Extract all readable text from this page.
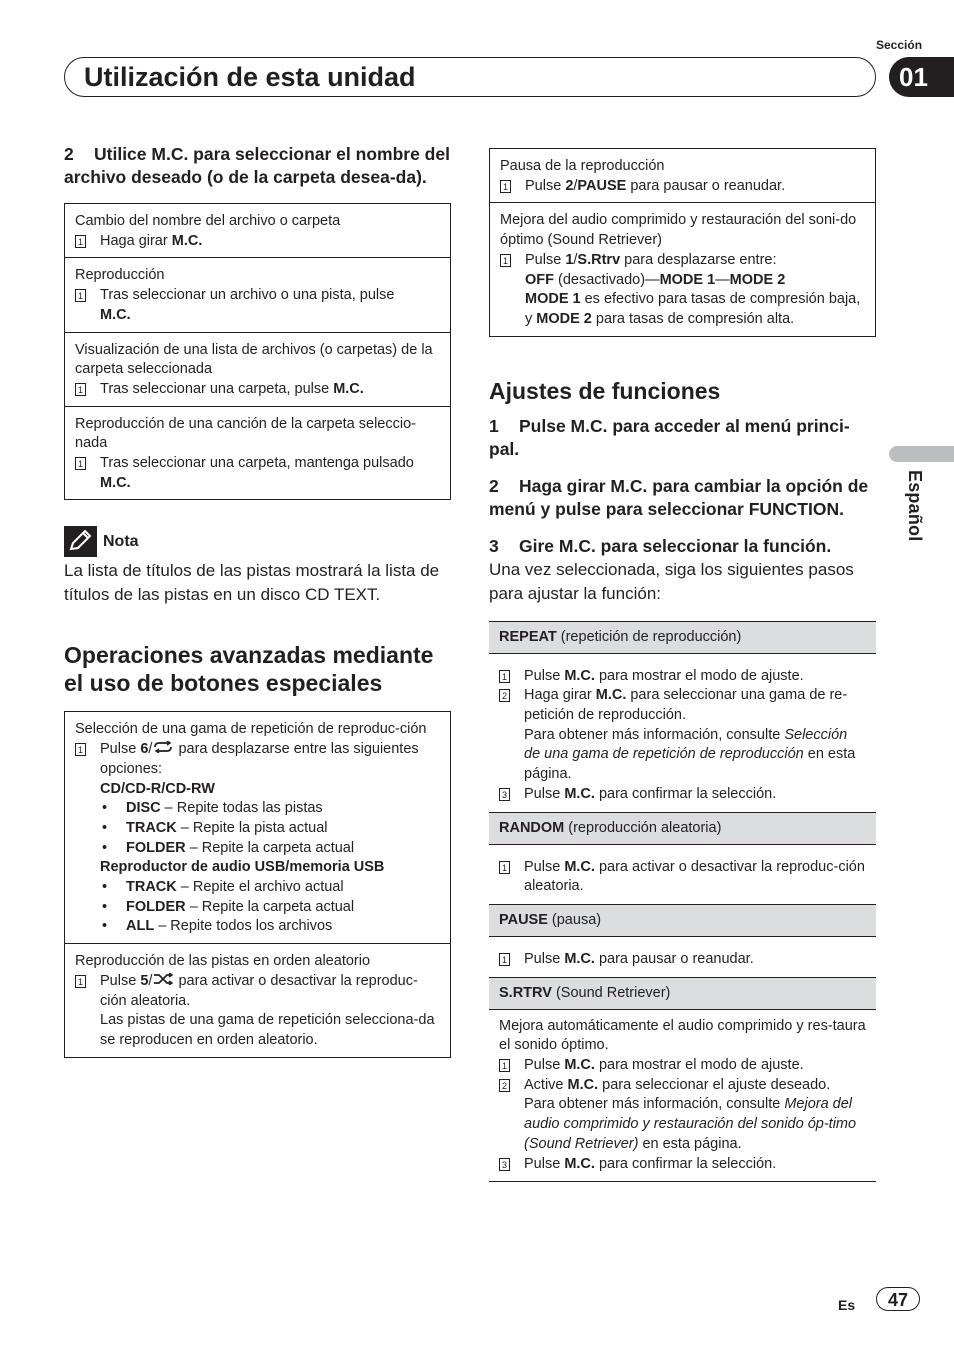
Sección
Utilización de esta unidad	01
Español
2 Utilice M.C. para seleccionar el nombre del archivo deseado (o de la carpeta desea-da).
Cambio del nombre del archivo o carpeta
1 Haga girar M.C.
Reproducción
1 Tras seleccionar un archivo o una pista, pulse
M.C.
Visualización de una lista de archivos (o carpetas) de la carpeta seleccionada
1 Tras seleccionar una carpeta, pulse M.C.
Reproducción de una canción de la carpeta seleccio-nada
1 Tras seleccionar una carpeta, mantenga pulsado
M.C.
Nota
La lista de títulos de las pistas mostrará la lista de títulos de las pistas en un disco CD TEXT.
Operaciones avanzadas mediante el uso de botones especiales
Selección de una gama de repetición de reproduc-ción
1 Pulse 6/ para desplazarse entre las siguientes opciones:
CD/CD-R/CD-RW
• DISC – Repite todas las pistas
• TRACK – Repite la pista actual
• FOLDER – Repite la carpeta actual
Reproductor de audio USB/memoria USB
• TRACK – Repite el archivo actual
• FOLDER – Repite la carpeta actual
• ALL – Repite todos los archivos
Reproducción de las pistas en orden aleatorio
1 Pulse 5/ para activar o desactivar la reproduc-ción aleatoria.
Las pistas de una gama de repetición selecciona-da se reproducen en orden aleatorio.
Pausa de la reproducción
1 Pulse 2/PAUSE para pausar o reanudar.
Mejora del audio comprimido y restauración del soni-do óptimo (Sound Retriever)
1 Pulse 1/S.Rtrv para desplazarse entre:
OFF (desactivado)—MODE 1—MODE 2
MODE 1 es efectivo para tasas de compresión baja, y MODE 2 para tasas de compresión alta.
Ajustes de funciones
1 Pulse M.C. para acceder al menú princi-pal.
2 Haga girar M.C. para cambiar la opción de menú y pulse para seleccionar FUNCTION.
3 Gire M.C. para seleccionar la función.
Una vez seleccionada, siga los siguientes pasos para ajustar la función:
REPEAT (repetición de reproducción)
1 Pulse M.C. para mostrar el modo de ajuste.
2 Haga girar M.C. para seleccionar una gama de re-petición de reproducción.
Para obtener más información, consulte Selección de una gama de repetición de reproducción en esta página.
3 Pulse M.C. para confirmar la selección.
RANDOM (reproducción aleatoria)
1 Pulse M.C. para activar o desactivar la reproduc-ción aleatoria.
PAUSE (pausa)
1 Pulse M.C. para pausar o reanudar.
S.RTRV (Sound Retriever)
Mejora automáticamente el audio comprimido y res-taura el sonido óptimo.
1 Pulse M.C. para mostrar el modo de ajuste.
2 Active M.C. para seleccionar el ajuste deseado.
Para obtener más información, consulte Mejora del audio comprimido y restauración del sonido óp-timo (Sound Retriever) en esta página.
3 Pulse M.C. para confirmar la selección.
Es	47
